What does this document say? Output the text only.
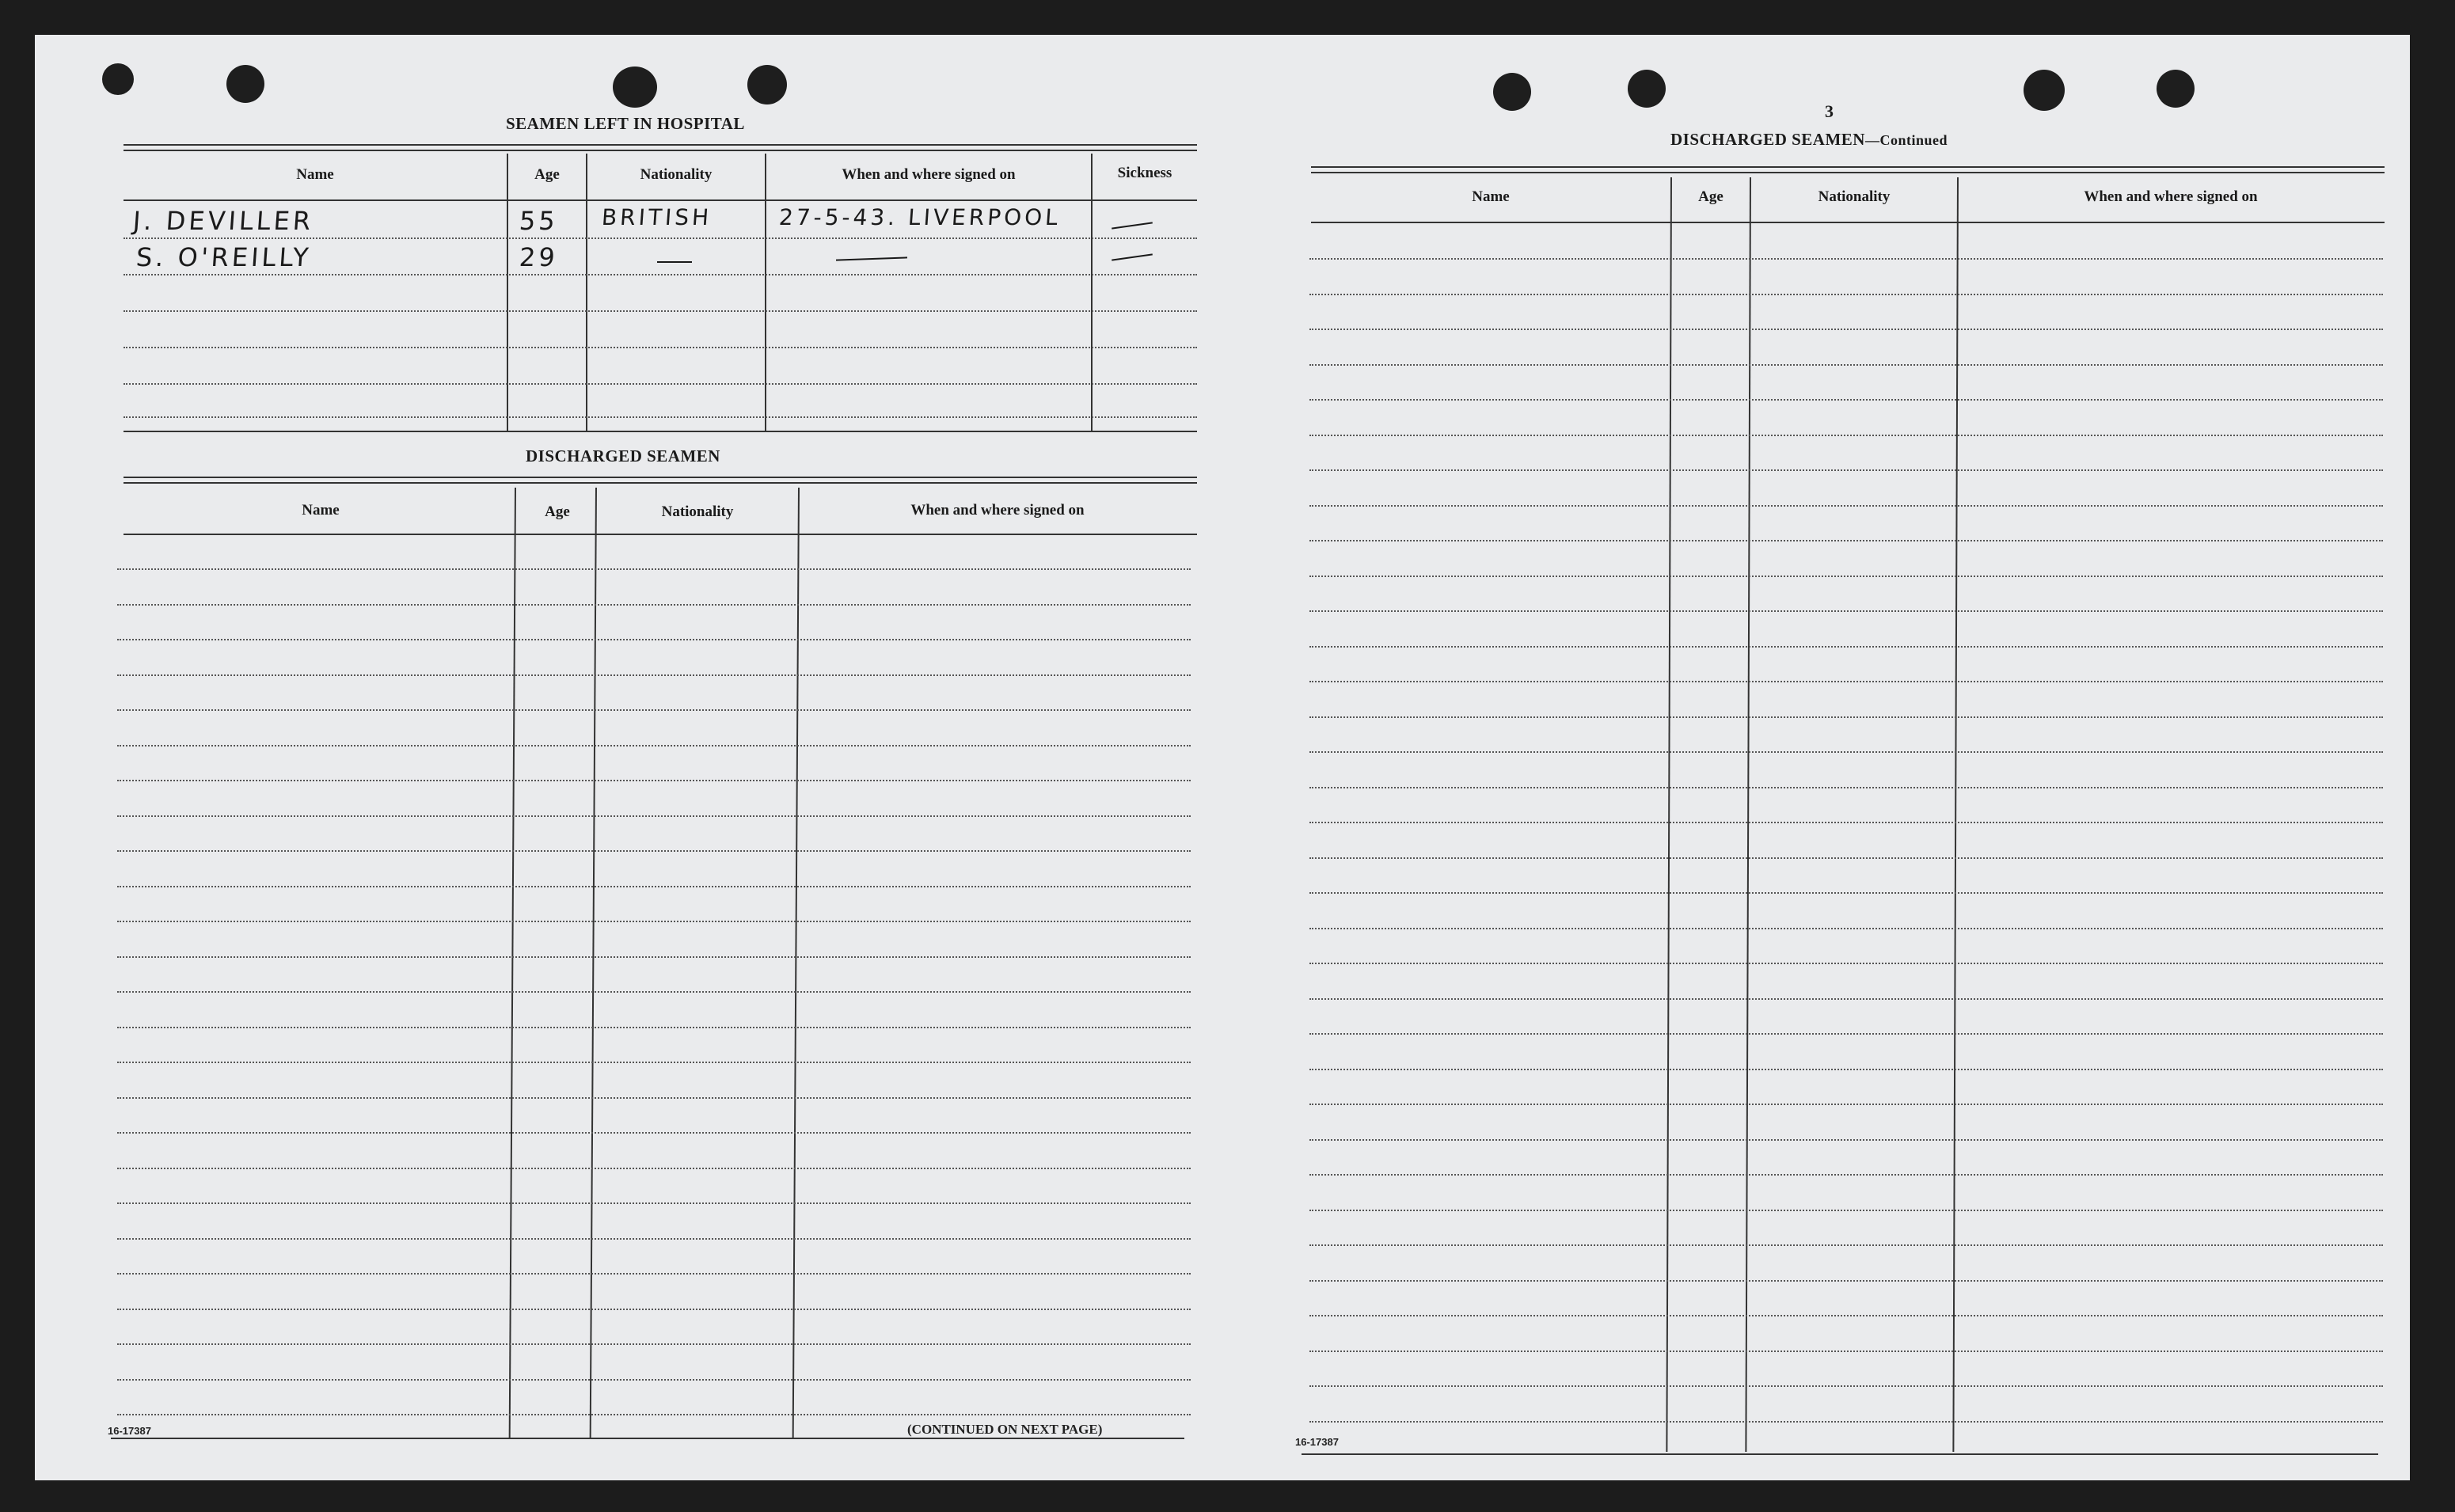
SEAMEN LEFT IN HOSPITAL
Name	Age	Nationality	When and where signed on	Sickness
J. DEVILLER	55 BRITISH	27-5-43. LIVERPOOL
S. O'REILLY	29
DISCHARGED SEAMEN
Name	Age	Nationality	When and where signed on
16-17387	(CONTINUED ON NEXT PAGE)
3
DISCHARGED SEAMEN—Continued
Name	Age	Nationality	When and where signed on
16-17387
